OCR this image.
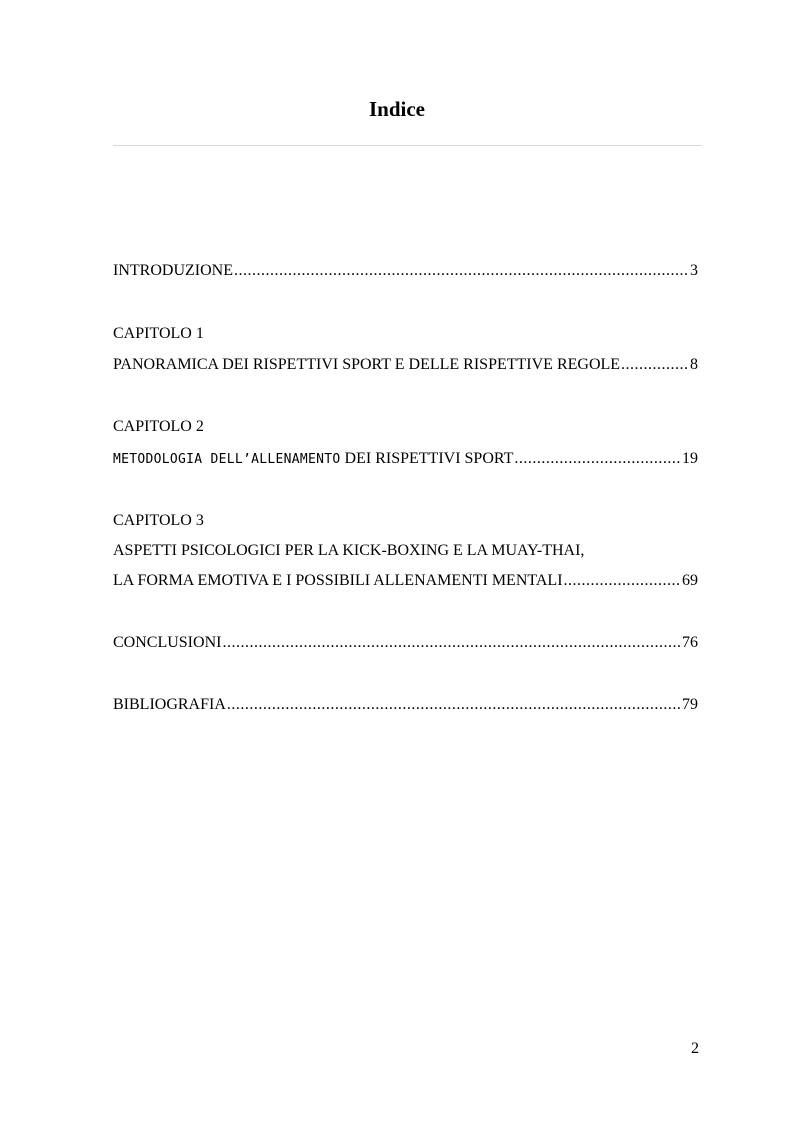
Indice
INTRODUZIONE .....	3
CAPITOLO 1
PANORAMICA DEI RISPETTIVI SPORT E DELLE RISPETTIVE REGOLE .....	8
CAPITOLO 2
METODOLOGIA DELL’ALLENAMENTO DEI RISPETTIVI SPORT .....	19
CAPITOLO 3
ASPETTI PSICOLOGICI PER LA KICK-BOXING E LA MUAY-THAI,
LA FORMA EMOTIVA E I POSSIBILI ALLENAMENTI MENTALI .....	69
CONCLUSIONI .....	76
BIBLIOGRAFIA .....	79
2
